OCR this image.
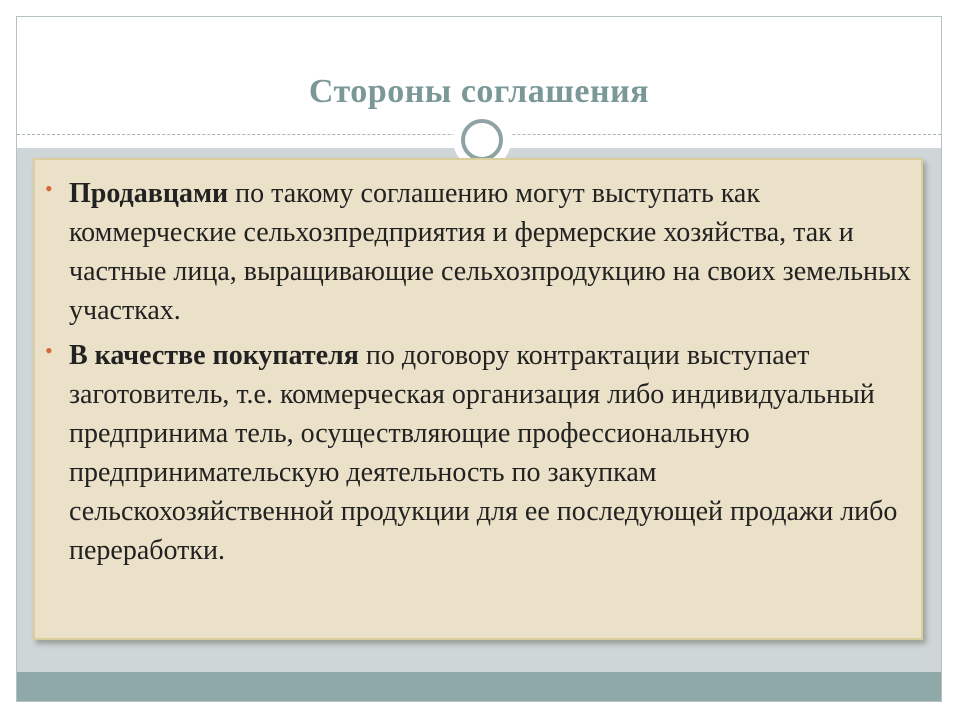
Стороны соглашения
• Продавцами по такому соглашению могут выступать как коммерческие сельхозпредприятия и фермерские хозяйства, так и частные лица, выращивающие сельхозпродукцию на своих земельных участках.
• В качестве покупателя по договору контрактации выступает заготовитель, т.е. коммерческая организация либо индивидуальный предпринима тель, осуществляющие профессиональную предпринимательскую деятельность по закупкам сельскохозяйственной продукции для ее последующей продажи либо переработки.
